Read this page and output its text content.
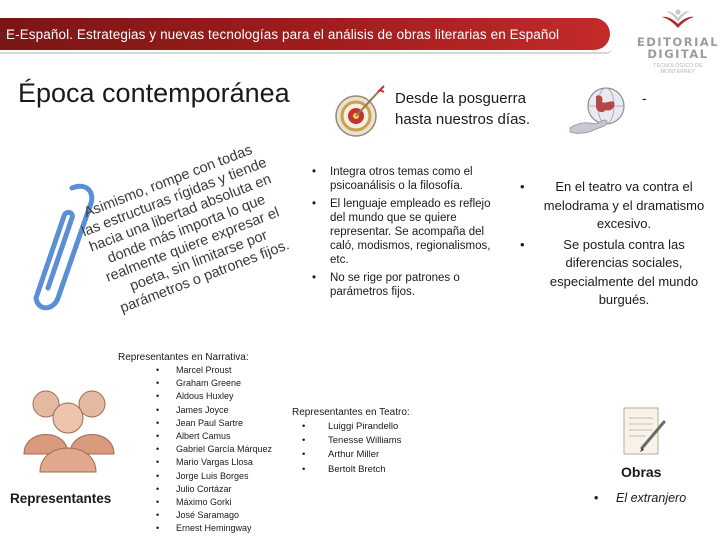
E-Español. Estrategias y nuevas tecnologías para el análisis de obras literarias en Español
EDITORIAL
DIGITAL
TECNOLÓGICO DE MONTERREY
Época contemporánea	Desde la posguerra hasta nuestros días.
-
Asimismo, rompe con todas las estructuras rígidas y tiende hacia una libertad absoluta en donde más importa lo que realmente quiere expresar el poeta, sin limitarse por parámetros o patrones fijos.
• Integra otros temas como el psicoanálisis o la filosofía.
• El lenguaje empleado es reflejo del mundo que se quiere representar. Se acompaña del caló, modismos, regionalismos, etc.
• No se rige por patrones o parámetros fijos.
• En el teatro va contra el melodrama y el dramatismo excesivo.
• Se postula contra las diferencias sociales, especialmente del mundo burgués.
Representantes
Representantes en Narrativa:
• Marcel Proust
• Graham Greene
• Aldous Huxley
• James Joyce
• Jean Paul Sartre
• Albert Camus
• Gabriel García Márquez
• Mario Vargas Llosa
• Jorge Luis Borges
• Julio Cortázar
• Máximo Gorki
• José Saramago
• Ernest Hemingway
Representantes en Teatro:
• Luiggi Pirandello
• Tenesse Williams
• Arthur Miller
• Bertolt Bretch	Obras
• El extranjero
